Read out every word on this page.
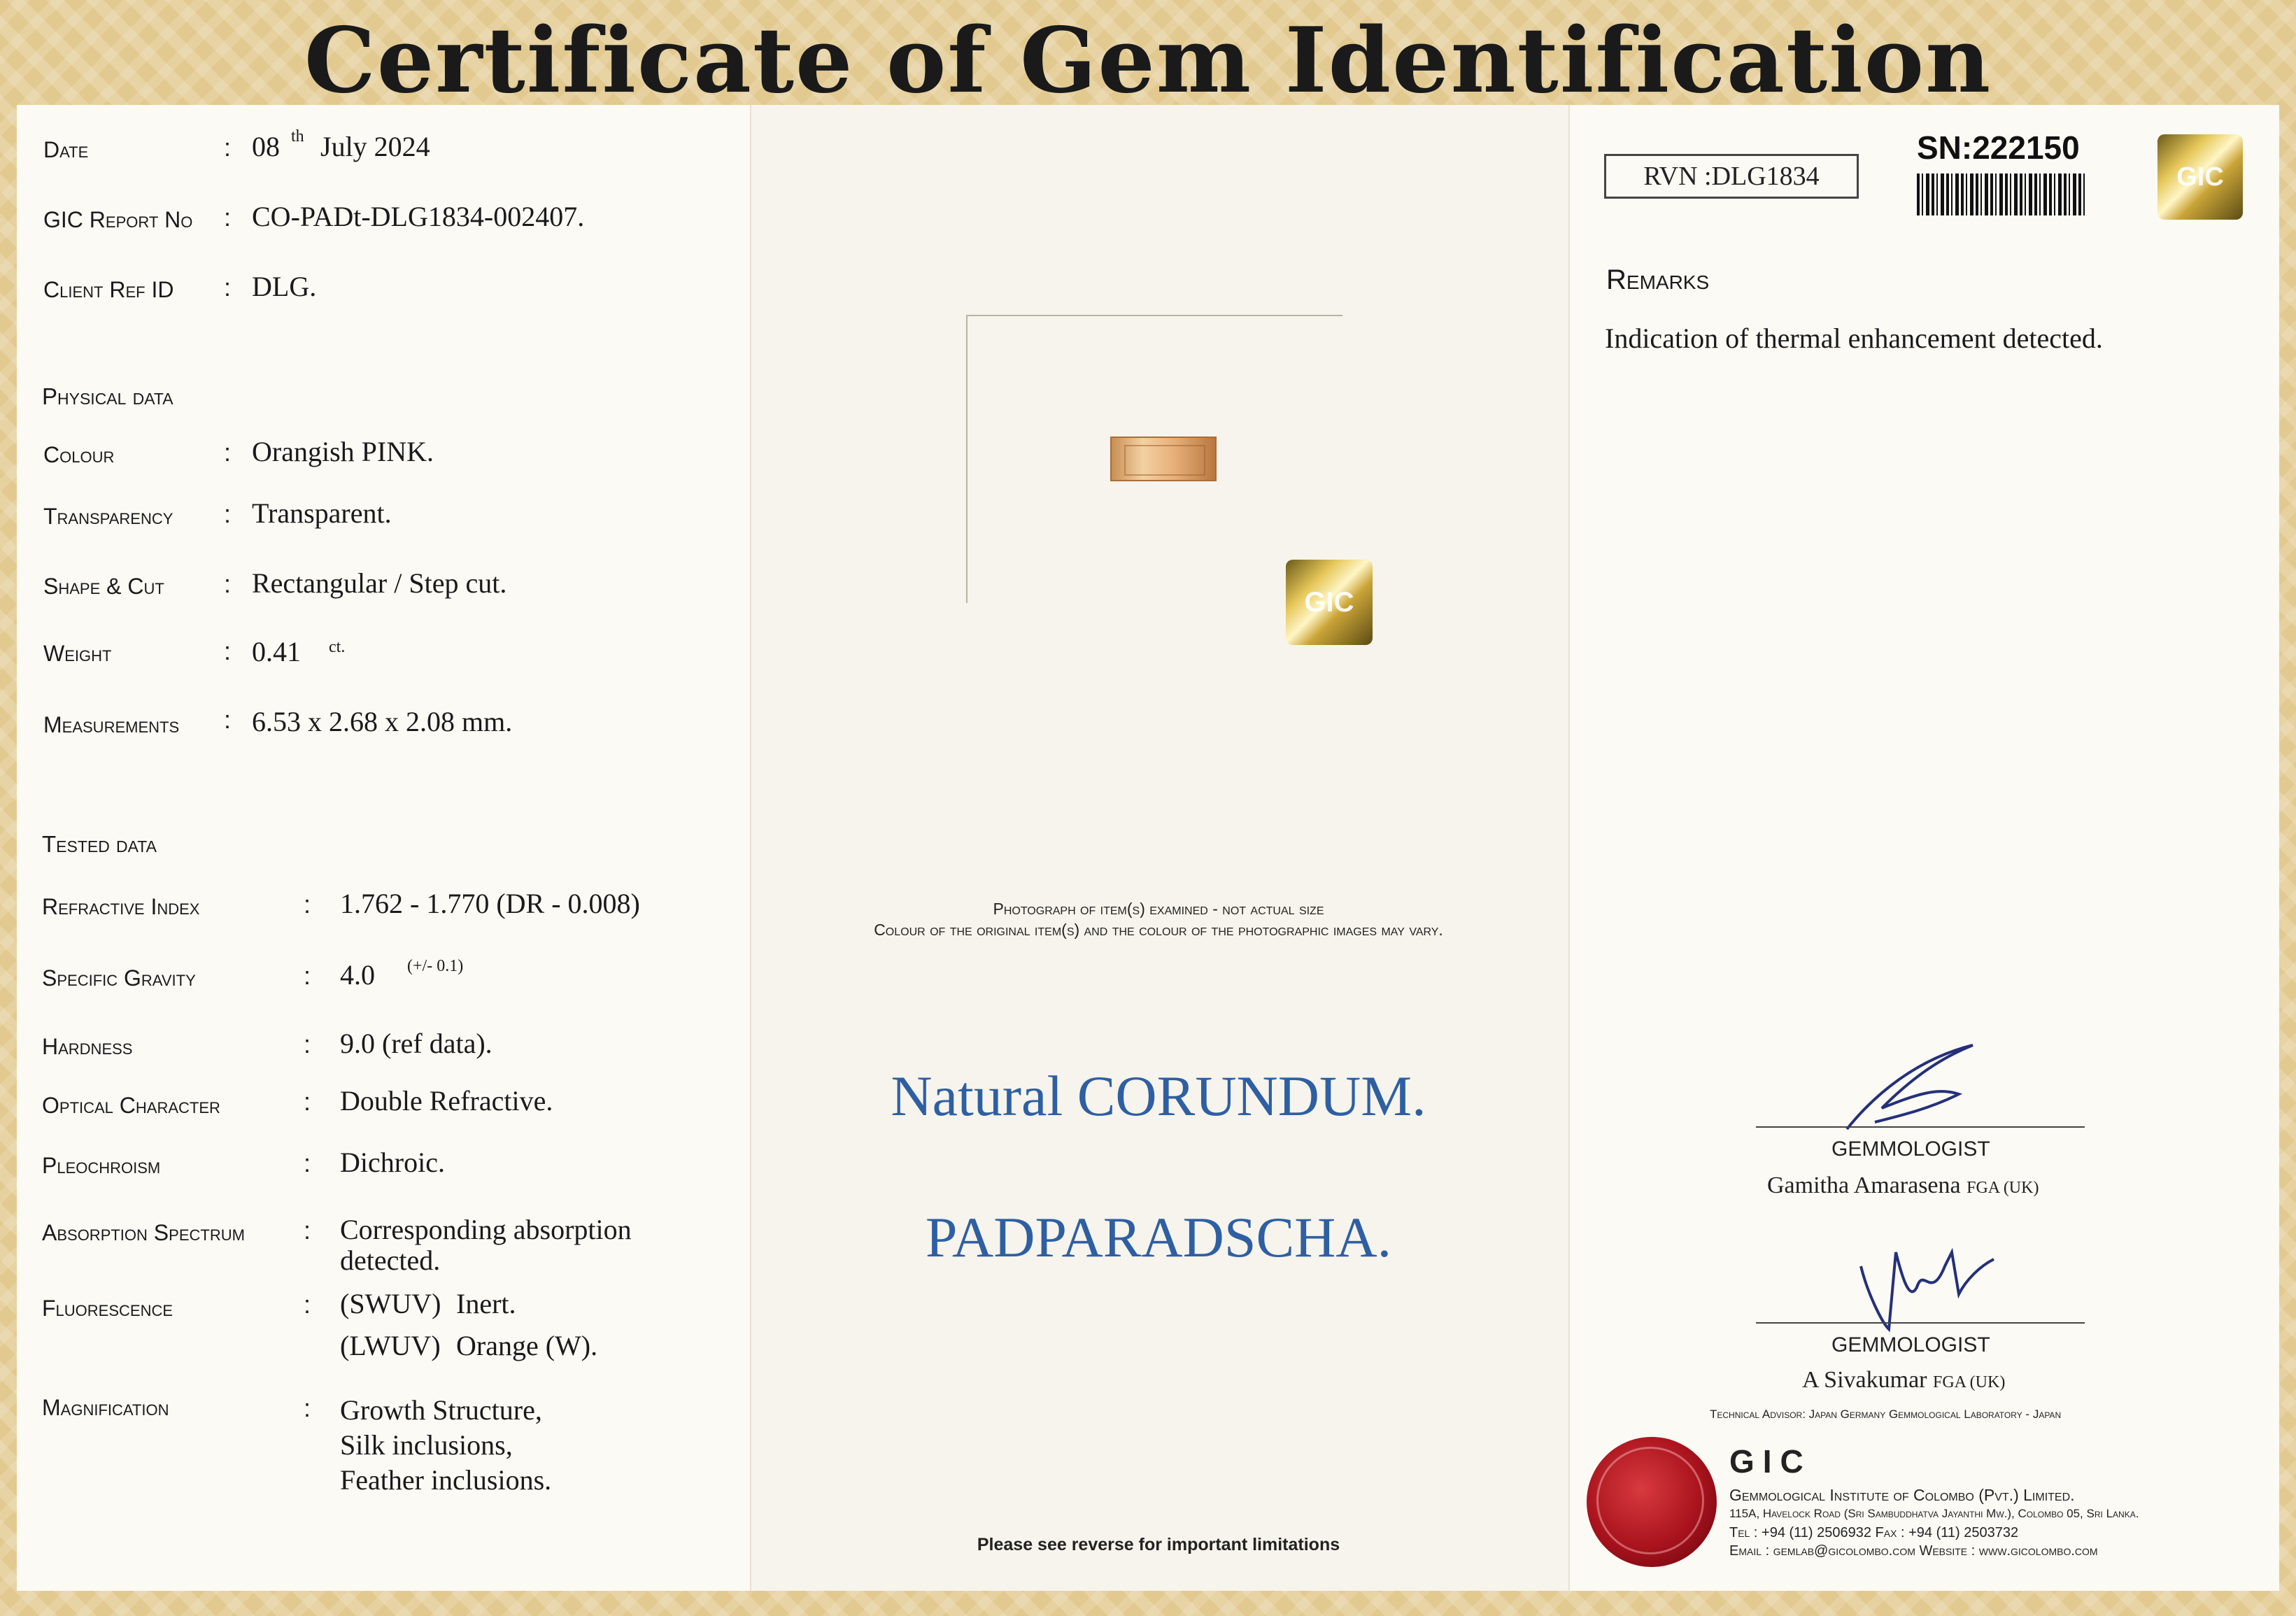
Certificate of Gem Identification
Date	: 08 th July 2024
GIC Report No : CO-PADt-DLG1834-002407.
Client Ref ID : DLG.
Physical data
Colour	: Orangish PINK.
Transparency : Transparent.
Shape & Cut : Rectangular / Step cut.
Weight	: 0.41 ct.
Measurements : 6.53 x 2.68 x 2.08 mm.
Tested data
Refractive Index	: 1.762 - 1.770 (DR - 0.008)
Specific Gravity	: 4.0 (+/- 0.1)
Hardness	: 9.0 (ref data).
Optical Character	: Double Refractive.
Pleochroism	: Dichroic.
Absorption Spectrum : Corresponding absorption
detected.
Fluorescence	: (SWUV) Inert.
(LWUV) Orange (W).
Magnification	: Growth Structure,
Silk inclusions,
Feather inclusions.
GIC
Photograph of item(s) examined - not actual size
Colour of the original item(s) and the colour of the photographic images may vary.
Natural CORUNDUM.
PADPARADSCHA.
Please see reverse for important limitations
RVN :DLG1834
SN:222150
GIC
Remarks
Indication of thermal enhancement detected.
GEMMOLOGIST
Gamitha Amarasena FGA (UK)
GEMMOLOGIST
A Sivakumar FGA (UK)
Technical Advisor: Japan Germany Gemmological Laboratory - Japan
GIC
Gemmological Institute of Colombo (Pvt.) Limited.
115A, Havelock Road (Sri Sambuddhatva Jayanthi Mw.), Colombo 05, Sri Lanka.
Tel : +94 (11) 2506932 Fax : +94 (11) 2503732
Email : gemlab@gicolombo.com Website : www.gicolombo.com
